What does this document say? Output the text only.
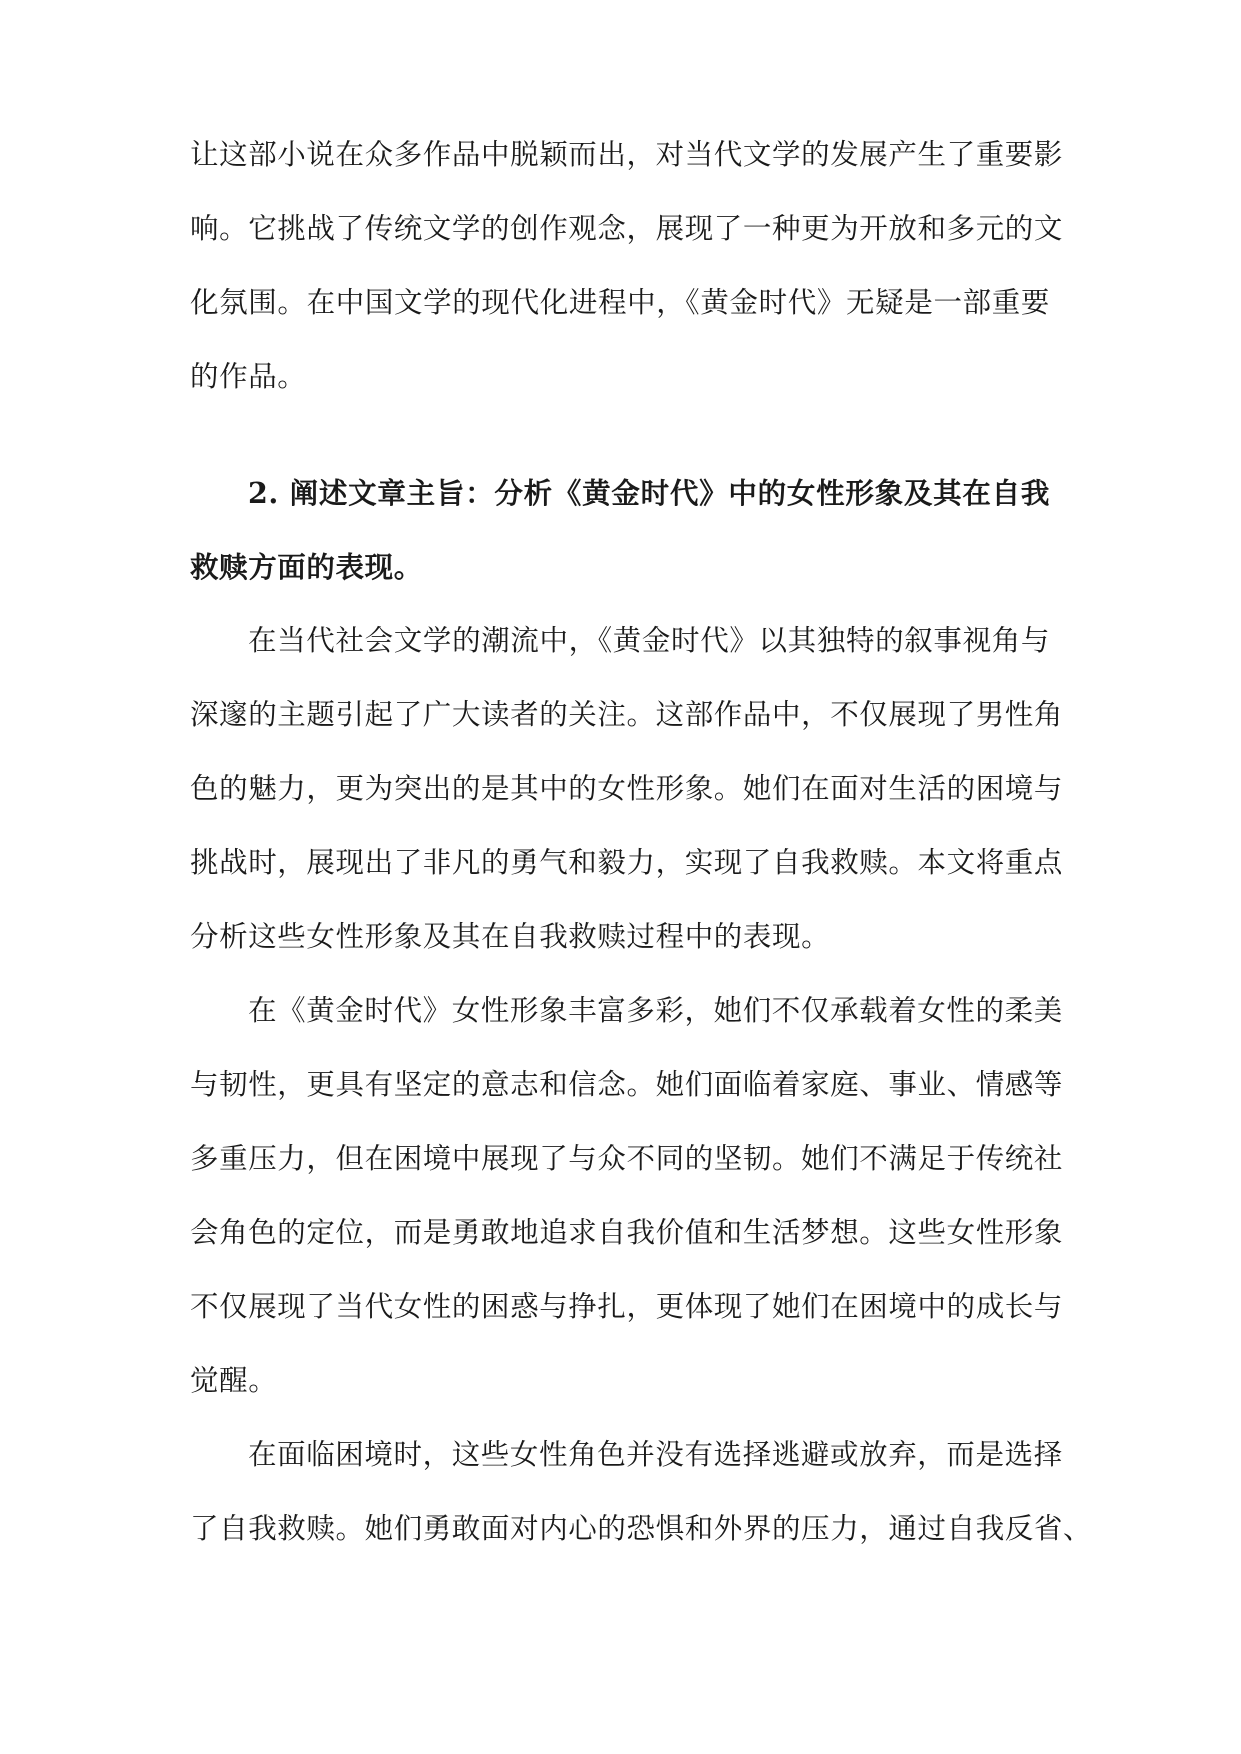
让这部小说在众多作品中脱颖而出，对当代文学的发展产生了重要影
响。它挑战了传统文学的创作观念，展现了一种更为开放和多元的文
化氛围。在中国文学的现代化进程中，《黄金时代》无疑是一部重要
的作品。
2. 阐述文章主旨：分析《黄金时代》中的女性形象及其在自我
救赎方面的表现。
在当代社会文学的潮流中，《黄金时代》以其独特的叙事视角与
深邃的主题引起了广大读者的关注。这部作品中，不仅展现了男性角
色的魅力，更为突出的是其中的女性形象。她们在面对生活的困境与
挑战时，展现出了非凡的勇气和毅力，实现了自我救赎。本文将重点
分析这些女性形象及其在自我救赎过程中的表现。
在《黄金时代》女性形象丰富多彩，她们不仅承载着女性的柔美
与韧性，更具有坚定的意志和信念。她们面临着家庭、事业、情感等
多重压力，但在困境中展现了与众不同的坚韧。她们不满足于传统社
会角色的定位，而是勇敢地追求自我价值和生活梦想。这些女性形象
不仅展现了当代女性的困惑与挣扎，更体现了她们在困境中的成长与
觉醒。
在面临困境时，这些女性角色并没有选择逃避或放弃，而是选择
了自我救赎。她们勇敢面对内心的恐惧和外界的压力，通过自我反省、
